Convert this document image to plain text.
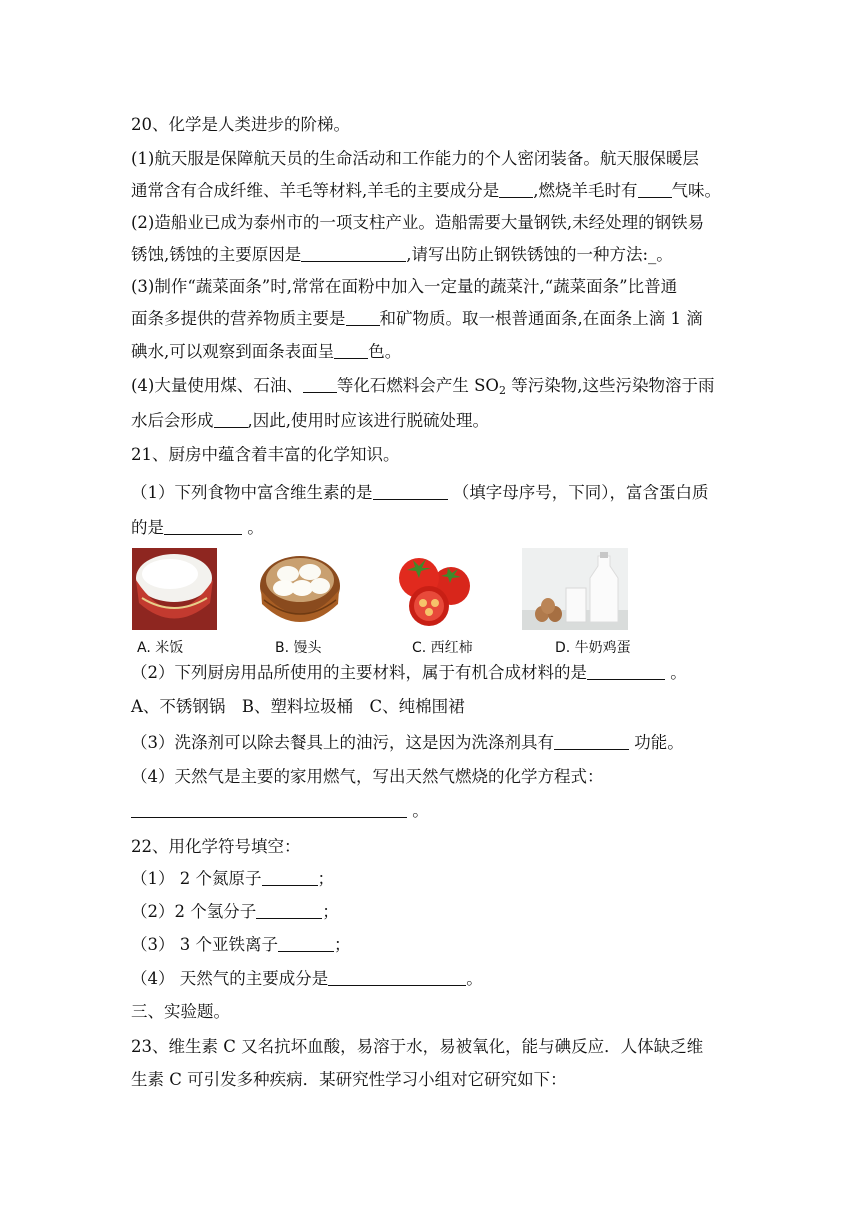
20、化学是人类进步的阶梯。
(1)航天服是保障航天员的生命活动和工作能力的个人密闭装备。航天服保暖层
通常含有合成纤维、羊毛等材料,羊毛的主要成分是 ,燃烧羊毛时有 气味。
(2)造船业已成为泰州市的一项支柱产业。造船需要大量钢铁,未经处理的钢铁易
锈蚀,锈蚀的主要原因是	,请写出防止钢铁锈蚀的一种方法:_。
(3)制作“蔬菜面条”时,常常在面粉中加入一定量的蔬菜汁,“蔬菜面条”比普通
面条多提供的营养物质主要是 和矿物质。取一根普通面条,在面条上滴 1 滴
碘水,可以观察到面条表面呈 色。
(4)大量使用煤、石油、 等化石燃料会产生 $SO_2$ 等污染物,这些污染物溶于雨
水后会形成 ,因此,使用时应该进行脱硫处理。
21、厨房中蕴含着丰富的化学知识。
（1）下列食物中富含维生素的是	（填字母序号，下同），富含蛋白质
的是	。
A. 米饭	B. 馒头	C. 西红柿	D. 牛奶鸡蛋
（2）下列厨房用品所使用的主要材料，属于有机合成材料的是	。
A、不锈钢锅　B、塑料垃圾桶　C、纯棉围裙
（3）洗涤剂可以除去餐具上的油污，这是因为洗涤剂具有	功能。
（4）天然气是主要的家用燃气，写出天然气燃烧的化学方程式：
。
22、用化学符号填空：
（1） 2 个氮原子	；
（2）2 个氢分子	；
（3） 3 个亚铁离子	；
（4） 天然气的主要成分是	。
三、实验题。
23、维生素 C 又名抗坏血酸，易溶于水，易被氧化，能与碘反应．人体缺乏维
生素 C 可引发多种疾病．某研究性学习小组对它研究如下：
